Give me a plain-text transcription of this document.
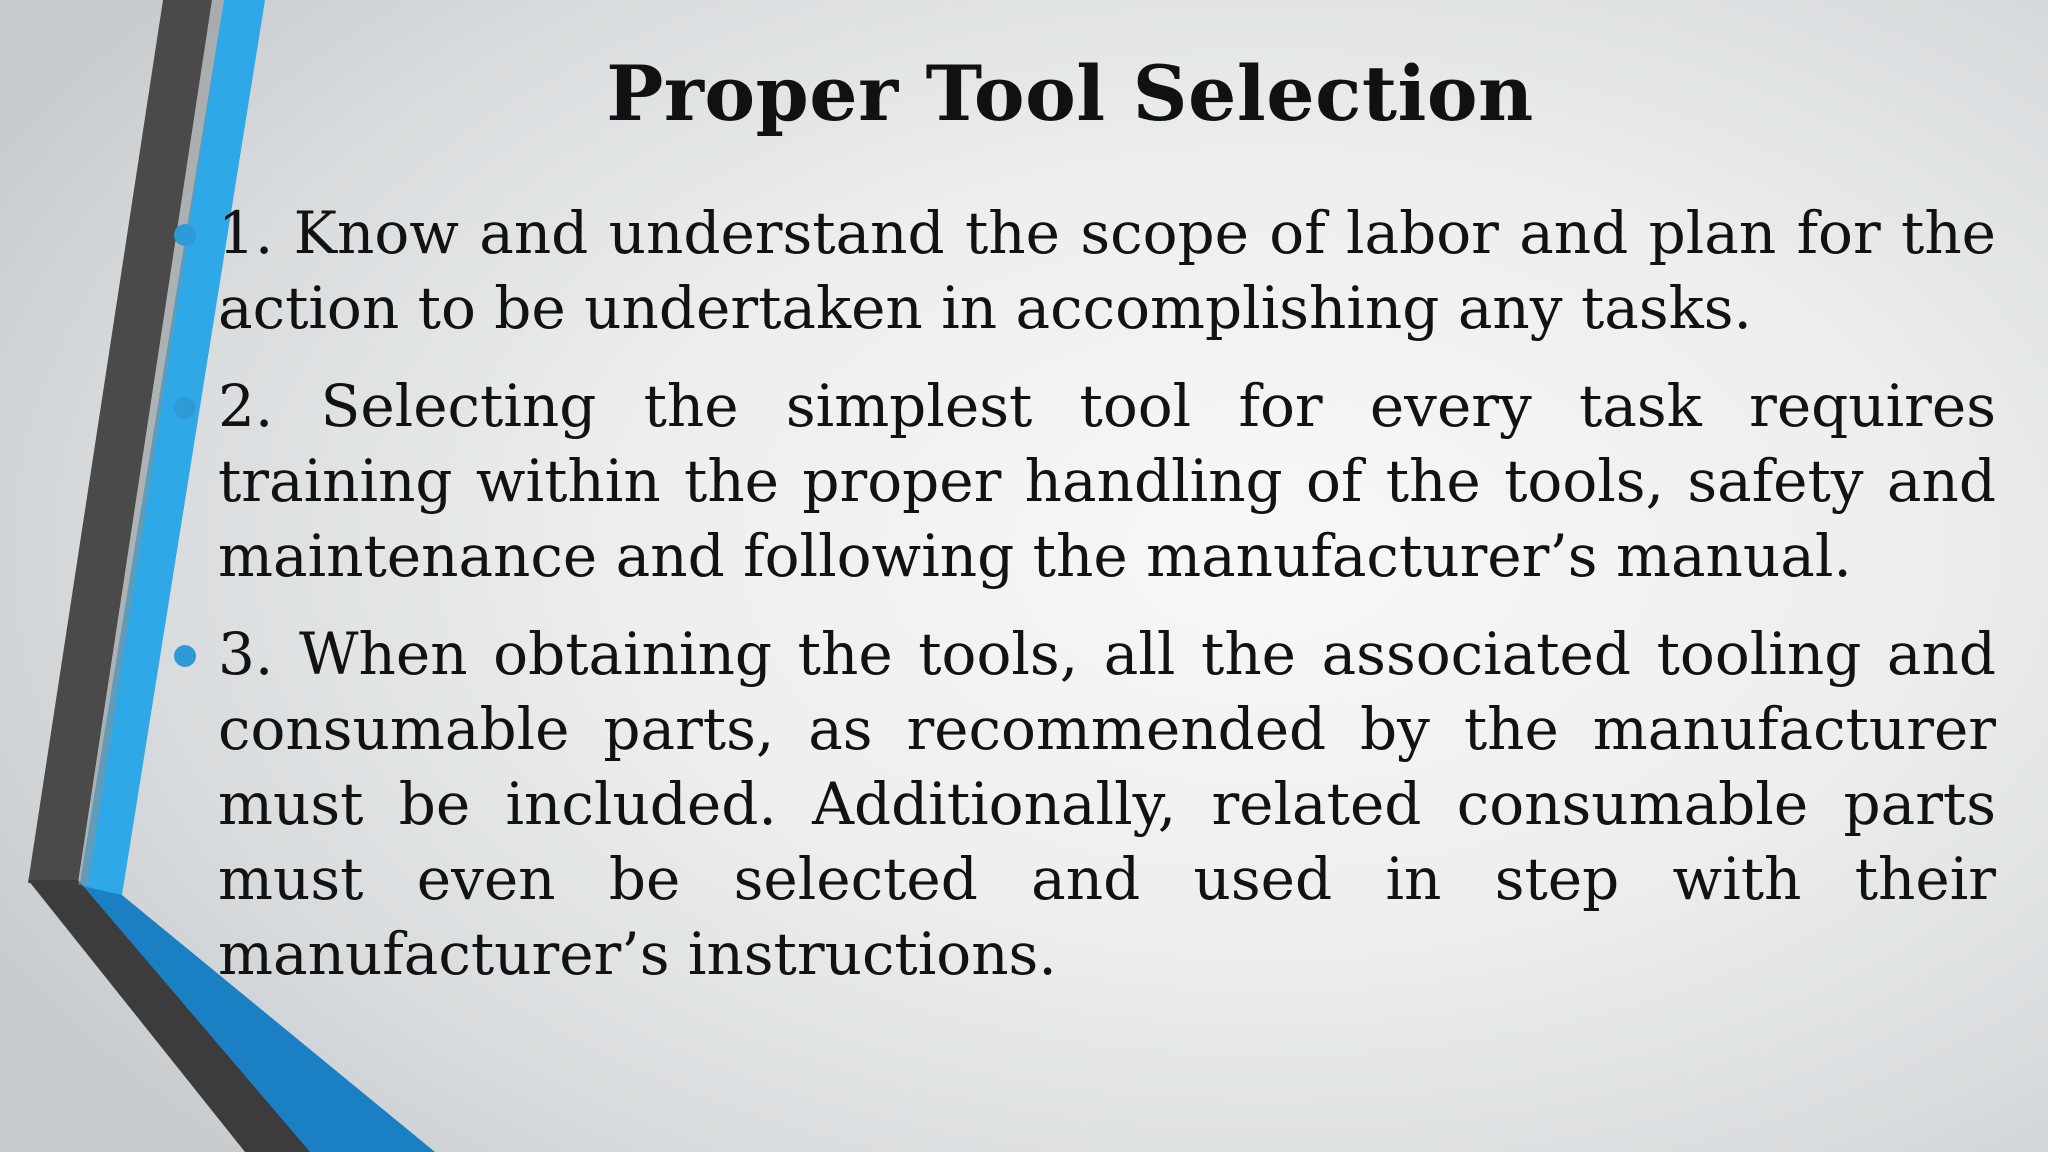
Proper Tool Selection
1. Know and understand the scope of labor and plan for the action to be undertaken in accomplishing any tasks.
2. Selecting the simplest tool for every task requires training within the proper handling of the tools, safety and maintenance and following the manufacturer’s manual.
3. When obtaining the tools, all the associated tooling and consumable parts, as recommended by the manufacturer must be included. Additionally, related consumable parts must even be selected and used in step with their manufacturer’s instructions.
